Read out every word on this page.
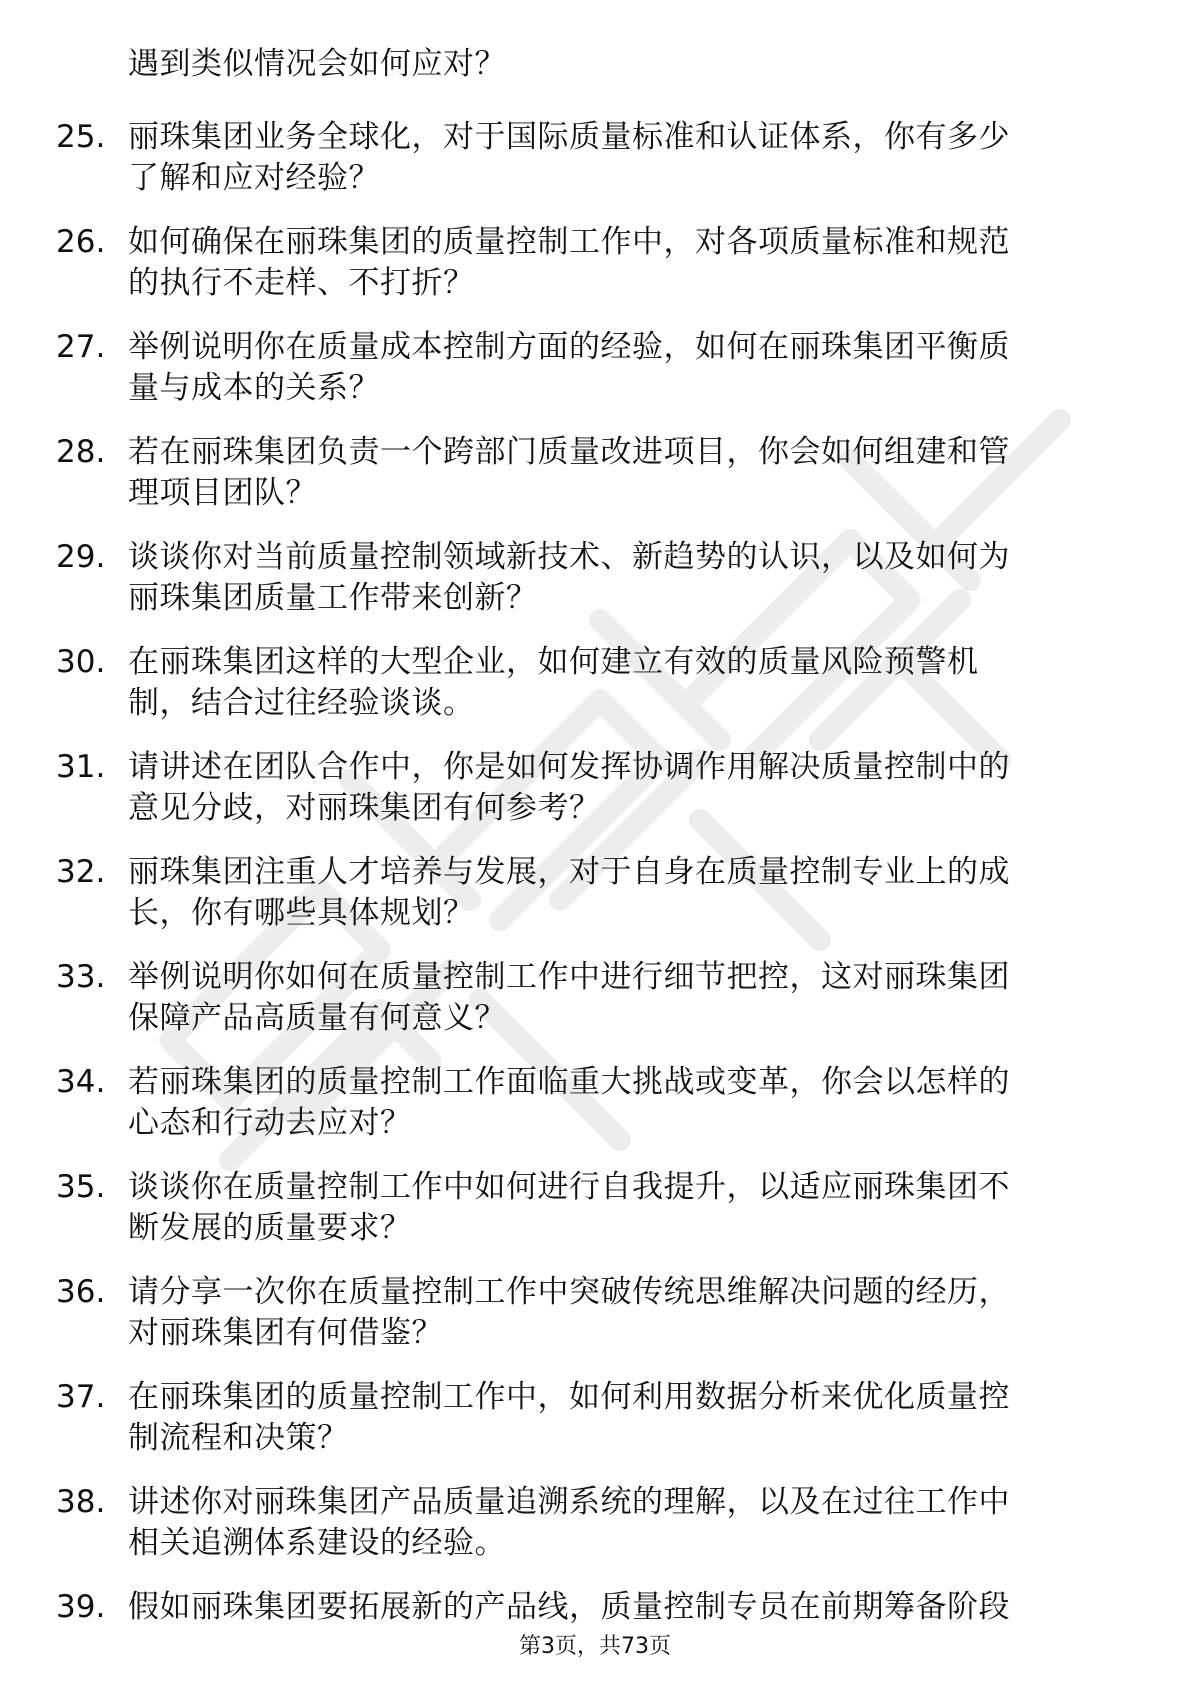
遇到类似情况会如何应对？
25. 丽珠集团业务全球化，对于国际质量标准和认证体系，你有多少
了解和应对经验？
26. 如何确保在丽珠集团的质量控制工作中，对各项质量标准和规范
的执行不走样、不打折？
27. 举例说明你在质量成本控制方面的经验，如何在丽珠集团平衡质
量与成本的关系？
28. 若在丽珠集团负责一个跨部门质量改进项目，你会如何组建和管
理项目团队？
29. 谈谈你对当前质量控制领域新技术、新趋势的认识，以及如何为
丽珠集团质量工作带来创新？
30. 在丽珠集团这样的大型企业，如何建立有效的质量风险预警机
制，结合过往经验谈谈。
31. 请讲述在团队合作中，你是如何发挥协调作用解决质量控制中的
意见分歧，对丽珠集团有何参考？
32. 丽珠集团注重人才培养与发展，对于自身在质量控制专业上的成
长，你有哪些具体规划？
33. 举例说明你如何在质量控制工作中进行细节把控，这对丽珠集团
保障产品高质量有何意义？
34. 若丽珠集团的质量控制工作面临重大挑战或变革，你会以怎样的
心态和行动去应对？
35. 谈谈你在质量控制工作中如何进行自我提升，以适应丽珠集团不
断发展的质量要求？
36. 请分享一次你在质量控制工作中突破传统思维解决问题的经历，
对丽珠集团有何借鉴？
37. 在丽珠集团的质量控制工作中，如何利用数据分析来优化质量控
制流程和决策？
38. 讲述你对丽珠集团产品质量追溯系统的理解，以及在过往工作中
相关追溯体系建设的经验。
39. 假如丽珠集团要拓展新的产品线，质量控制专员在前期筹备阶段
第3页，共73页
